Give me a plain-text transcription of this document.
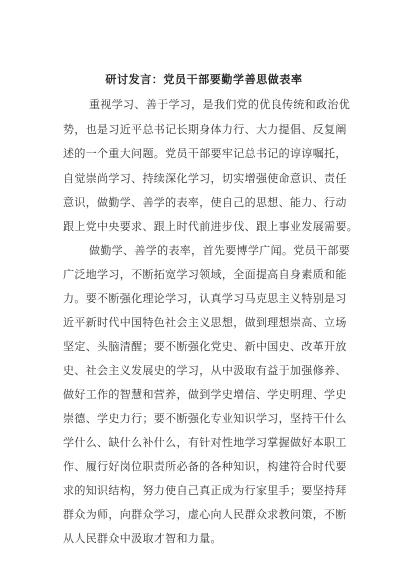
研讨发言：党员干部要勤学善思做表率
重视学习、善于学习，是我们党的优良传统和政治优
势，也是习近平总书记长期身体力行、大力提倡、反复阐
述的一个重大问题。党员干部要牢记总书记的谆谆嘱托，
自觉崇尚学习、持续深化学习，切实增强使命意识、责任
意识，做勤学、善学的表率，使自己的思想、能力、行动
跟上党中央要求、跟上时代前进步伐、跟上事业发展需要。
做勤学、善学的表率，首先要博学广闻。党员干部要
广泛地学习，不断拓宽学习领域，全面提高自身素质和能
力。要不断强化理论学习，认真学习马克思主义特别是习
近平新时代中国特色社会主义思想，做到理想崇高、立场
坚定、头脑清醒；要不断强化党史、新中国史、改革开放
史、社会主义发展史的学习，从中汲取有益于加强修养、
做好工作的智慧和营养，做到学史增信、学史明理、学史
崇德、学史力行；要不断强化专业知识学习，坚持干什么
学什么、缺什么补什么，有针对性地学习掌握做好本职工
作、履行好岗位职责所必备的各种知识，构建符合时代要
求的知识结构，努力使自己真正成为行家里手；要坚持拜
群众为师，向群众学习，虚心向人民群众求教问策，不断
从人民群众中汲取才智和力量。
